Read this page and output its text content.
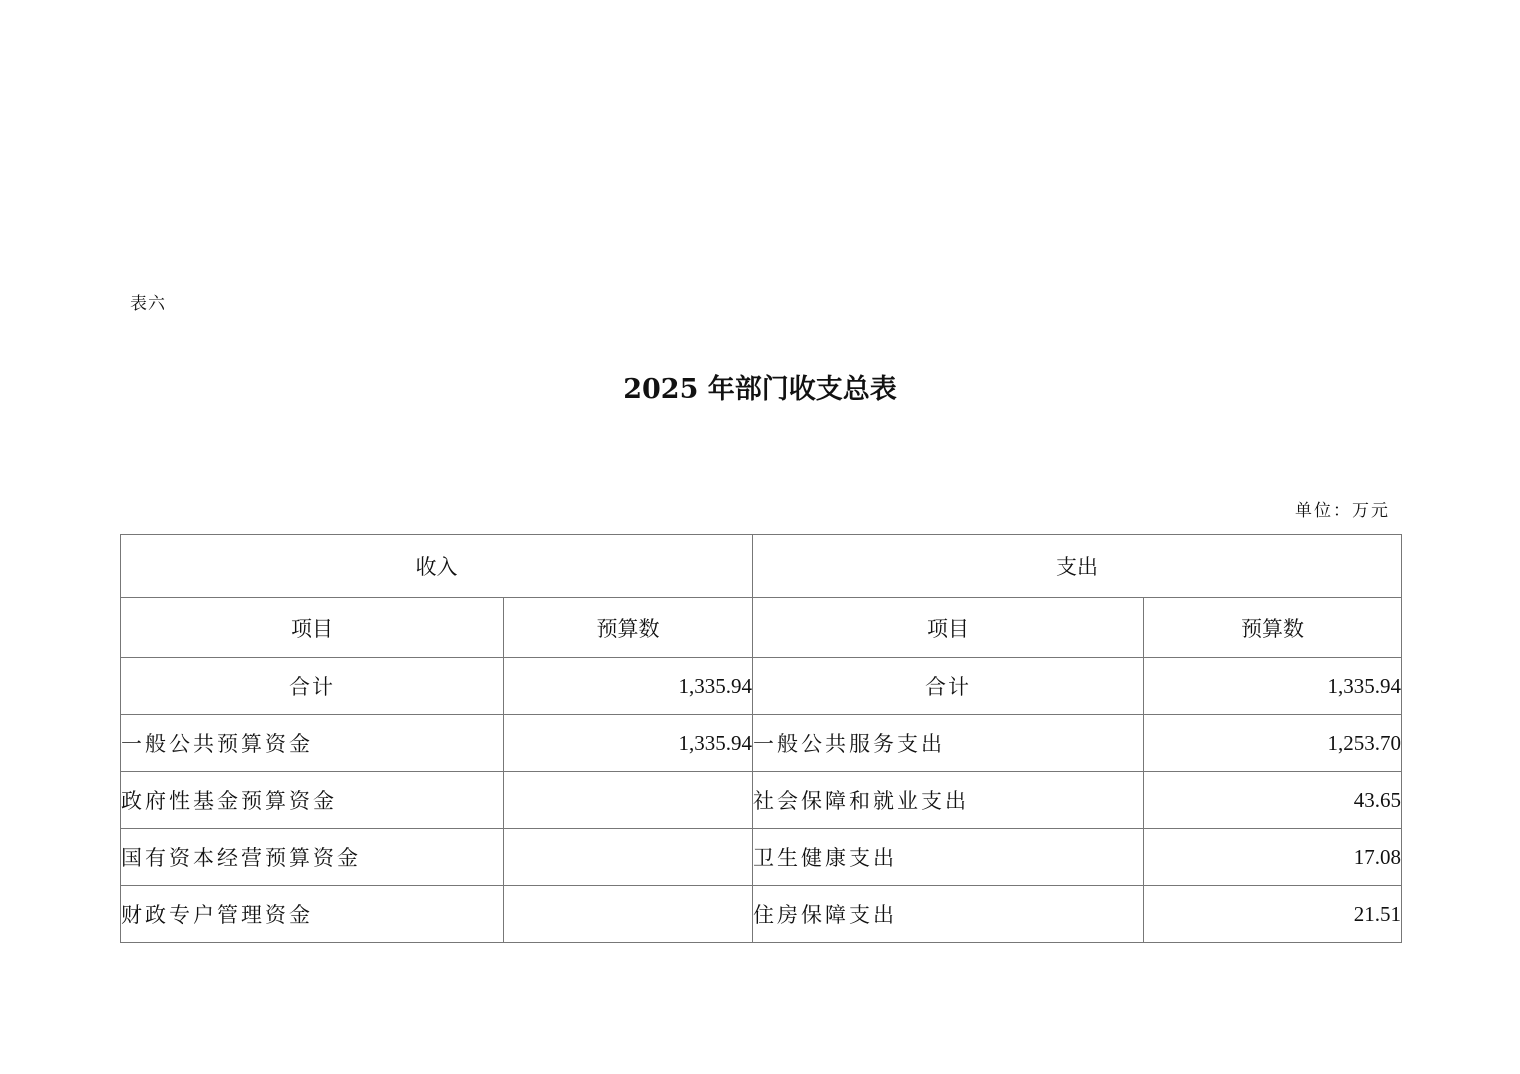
表六
2025 年部门收支总表
单位：万元
收入		支出	
项目	预算数	项目	预算数
合计	1,335.94	合计	1,335.94
一般公共预算资金	1,335.94	一般公共服务支出	1,253.70
政府性基金预算资金		社会保障和就业支出	43.65
国有资本经营预算资金		卫生健康支出	17.08
财政专户管理资金		住房保障支出	21.51
